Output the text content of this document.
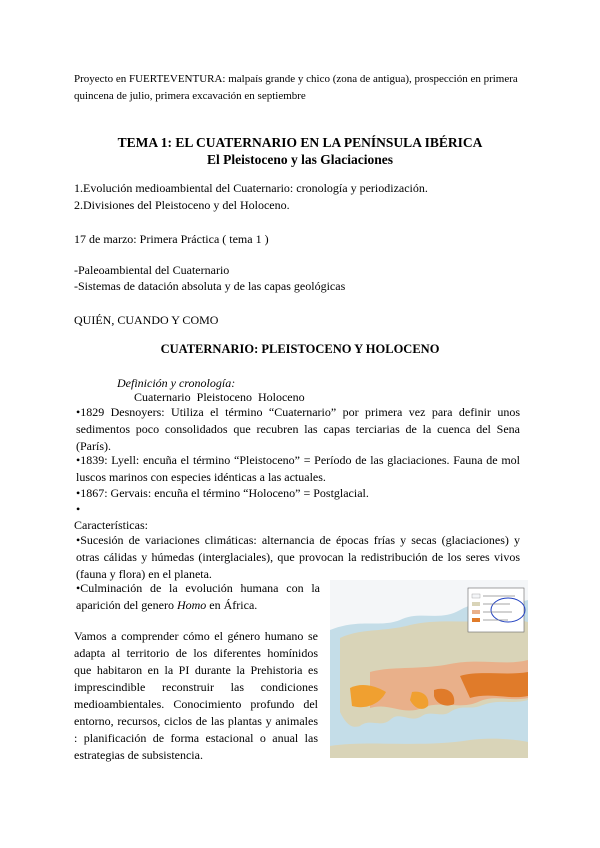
Proyecto en FUERTEVENTURA: malpaís grande y chico (zona de antigua), prospección en primera quincena de julio, primera excavación en septiembre

TEMA 1: EL CUATERNARIO EN LA PENÍNSULA IBÉRICA

El Pleistoceno y las Glaciaciones

1.Evolución medioambiental del Cuaternario: cronología y periodización.

2.Divisiones del Pleistoceno y del Holoceno.

17 de marzo: Primera Práctica ( tema 1 )

-Paleoambiental del Cuaternario

-Sistemas de datación absoluta y de las capas geológicas

QUIÉN, CUANDO Y COMO

CUATERNARIO: PLEISTOCENO Y HOLOCENO

Definición y cronología:

Cuaternario  Pleistoceno  Holoceno

•1829 Desnoyers: Utiliza el término “Cuaternario” por primera vez para definir unos sedimentos poco consolidados que recubren las capas terciarias de la cuenca del Sena (París).

•1839: Lyell: encuña el término “Pleistoceno” = Período de las glaciaciones. Fauna de mol luscos marinos con especies idénticas a las actuales.

•1867: Gervais: encuña el término “Holoceno” = Postglacial.

•

Características:

•Sucesión de variaciones climáticas: alternancia de épocas frías y secas (glaciaciones) y otras cálidas y húmedas (interglaciales), que provocan la redistribución de los seres vivos (fauna y flora) en el planeta.

•Culminación de la evolución humana con la aparición del genero Homo en África.

Vamos a comprender cómo el género humano se adapta al territorio de los diferentes homínidos que habitaron en la PI durante la Prehistoria es imprescindible reconstruir las condiciones medioambientales. Conocimiento profundo del entorno, recursos, ciclos de las plantas y animales : planificación de forma estacional o anual las estrategias de subsistencia.
